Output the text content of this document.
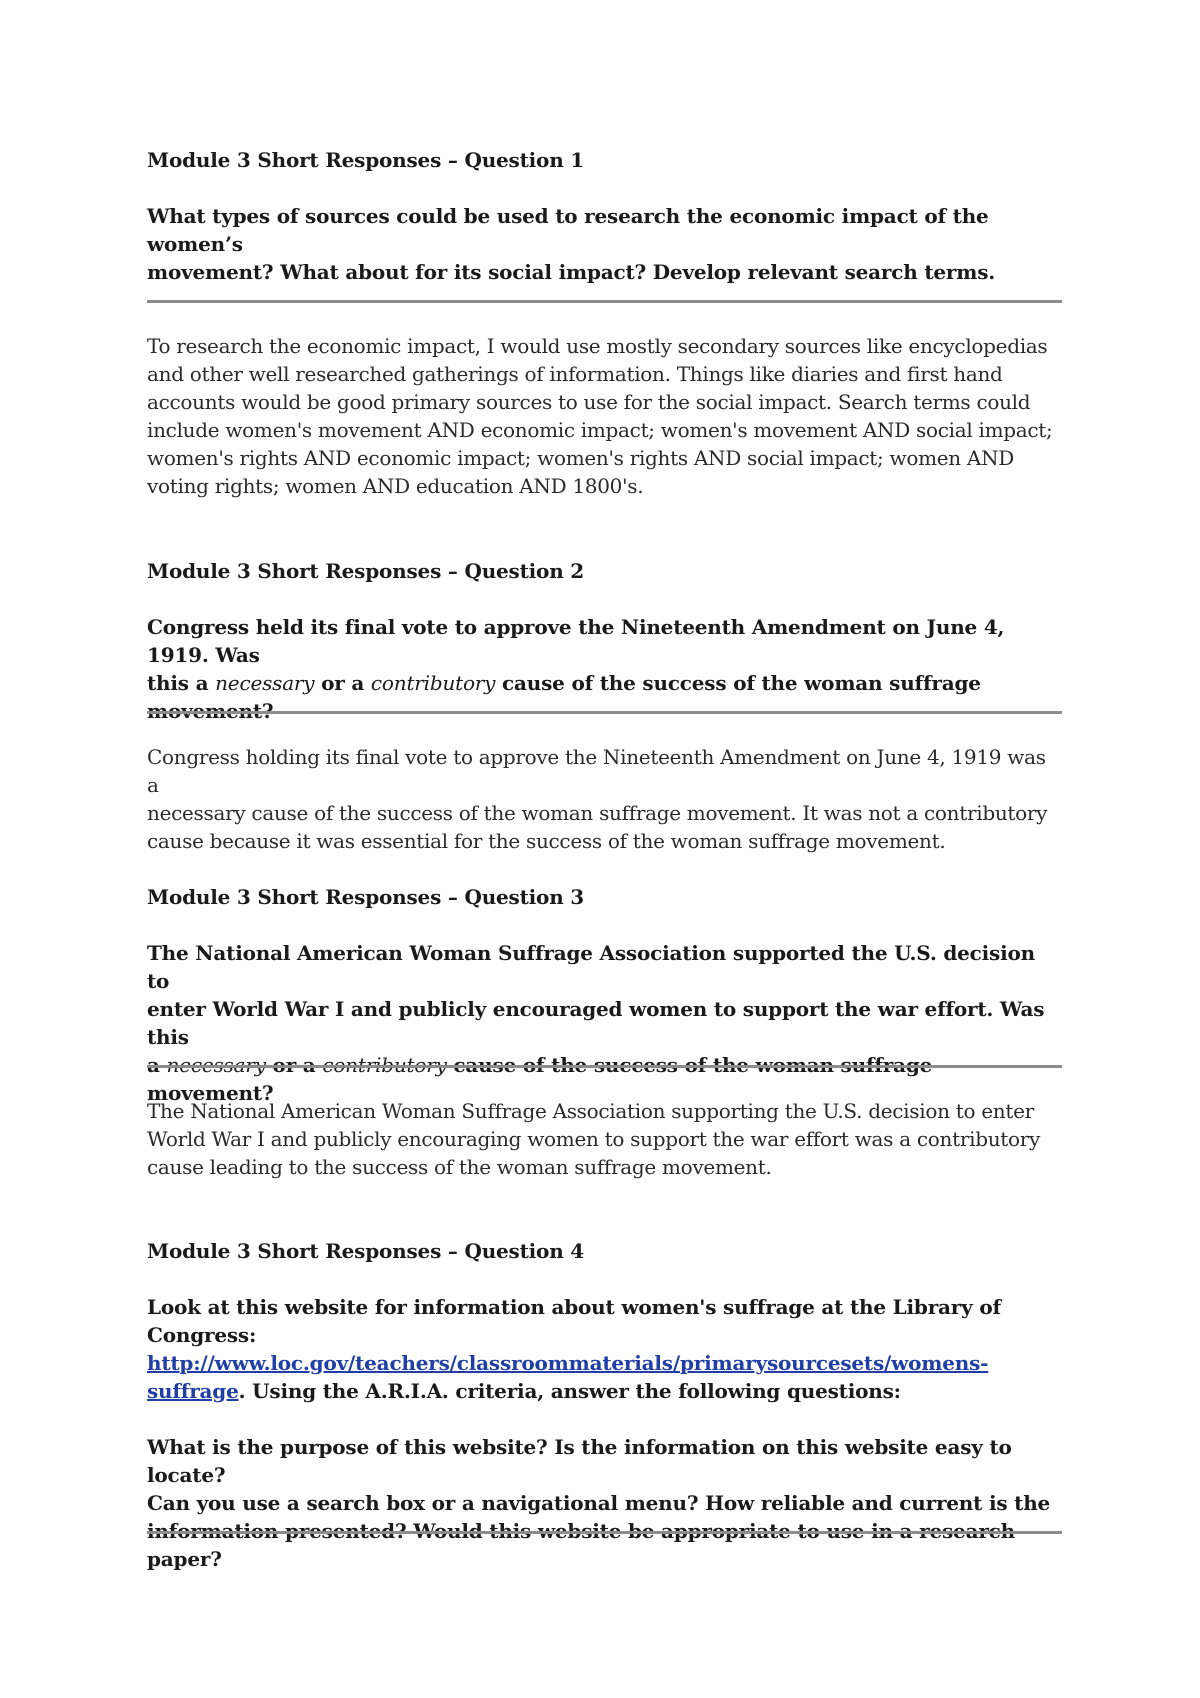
Module 3 Short Responses – Question 1
What types of sources could be used to research the economic impact of the women’s
movement? What about for its social impact? Develop relevant search terms.
To research the economic impact, I would use mostly secondary sources like encyclopedias
and other well researched gatherings of information. Things like diaries and first hand
accounts would be good primary sources to use for the social impact. Search terms could
include women's movement AND economic impact; women's movement AND social impact;
women's rights AND economic impact; women's rights AND social impact; women AND
voting rights; women AND education AND 1800's.
Module 3 Short Responses – Question 2
Congress held its final vote to approve the Nineteenth Amendment on June 4, 1919. Was
this a necessary or a contributory cause of the success of the woman suffrage movement?
Congress holding its final vote to approve the Nineteenth Amendment on June 4, 1919 was a
necessary cause of the success of the woman suffrage movement. It was not a contributory
cause because it was essential for the success of the woman suffrage movement.
Module 3 Short Responses – Question 3
The National American Woman Suffrage Association supported the U.S. decision to
enter World War I and publicly encouraged women to support the war effort. Was this
a necessary or a contributory cause of the success of the woman suffrage movement?
The National American Woman Suffrage Association supporting the U.S. decision to enter
World War I and publicly encouraging women to support the war effort was a contributory
cause leading to the success of the woman suffrage movement.
Module 3 Short Responses – Question 4
Look at this website for information about women's suffrage at the Library of
Congress: http://www.loc.gov/teachers/classroommaterials/primarysourcesets/womens-
suffrage. Using the A.R.I.A. criteria, answer the following questions:
What is the purpose of this website? Is the information on this website easy to locate?
Can you use a search box or a navigational menu? How reliable and current is the
information presented? Would this website be appropriate to use in a research paper?
